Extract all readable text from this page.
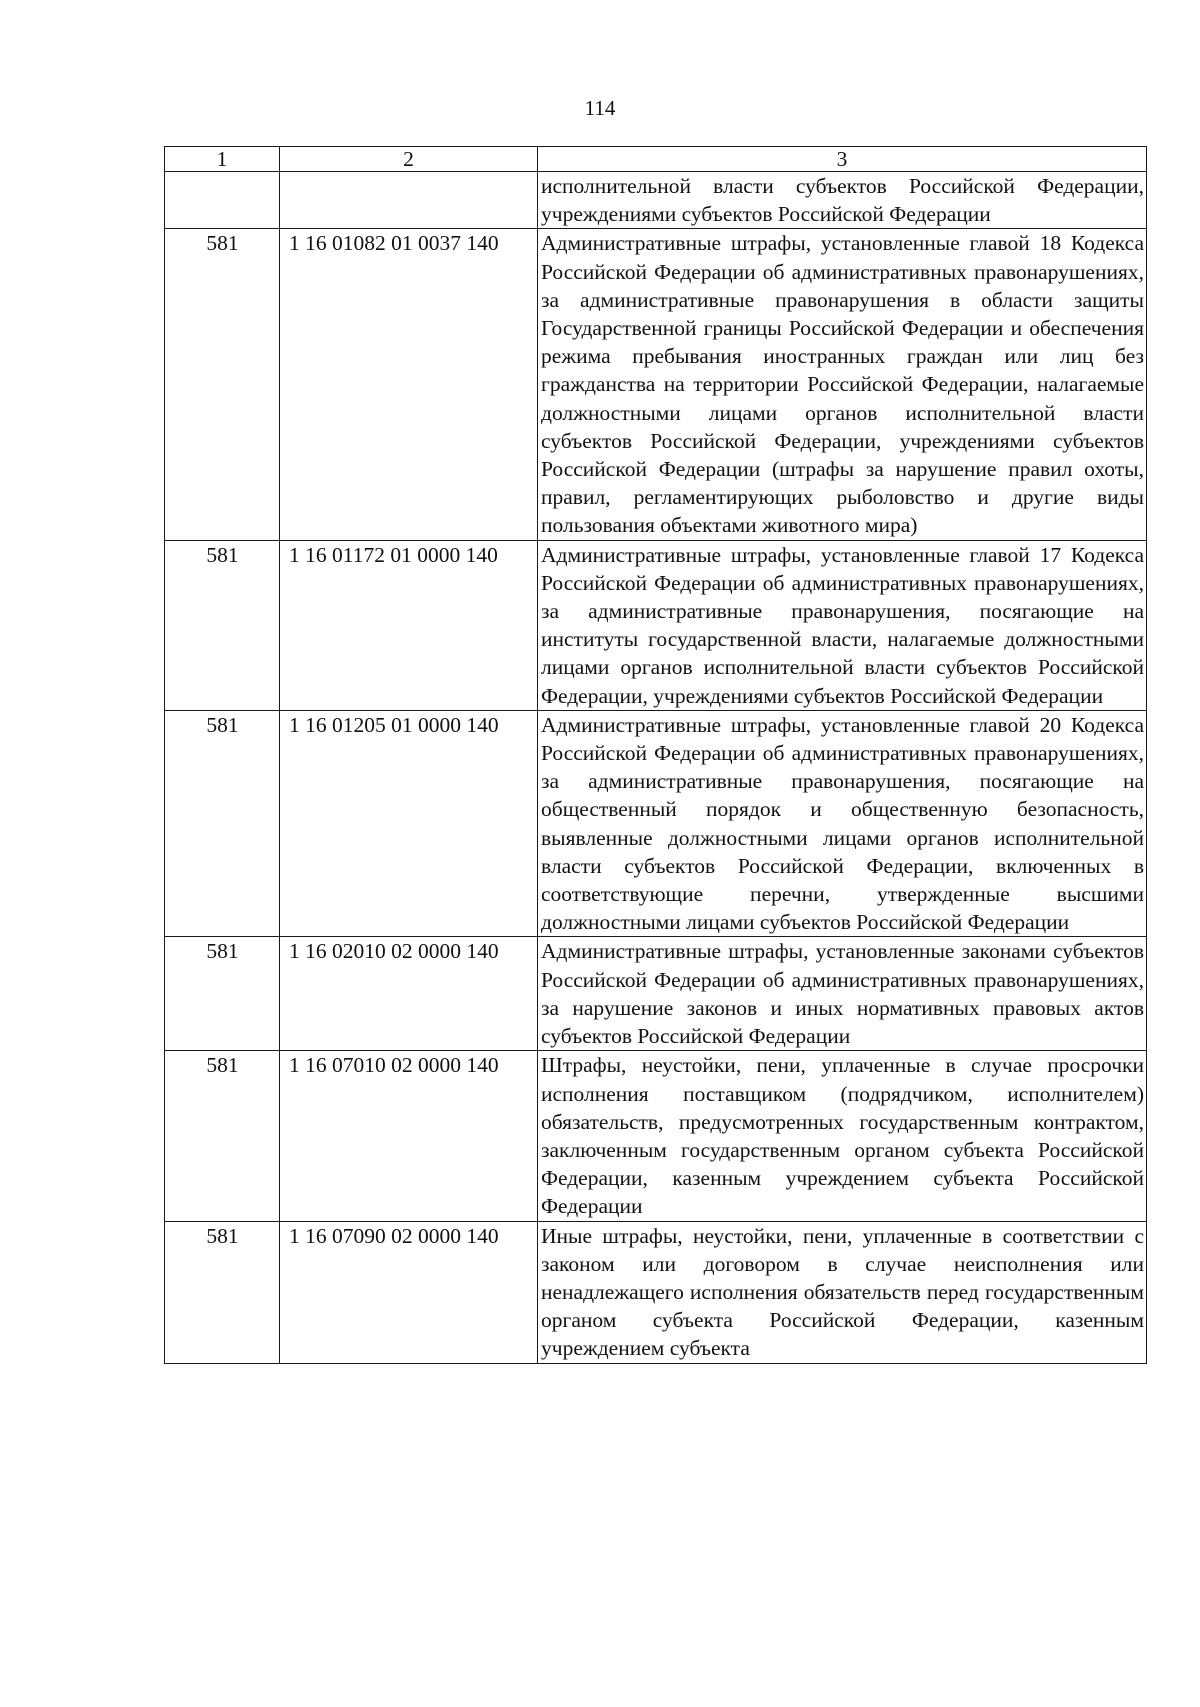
114
1	2	3
		исполнительной власти субъектов Российской Федерации, учреждениями субъектов Российской Федерации
581	1 16 01082 01 0037 140	Административные штрафы, установленные главой 18 Кодекса Российской Федерации об административных правонарушениях, за административные правонарушения в области защиты Государственной границы Российской Федерации и обеспечения режима пребывания иностранных граждан или лиц без гражданства на территории Российской Федерации, налагаемые должностными лицами органов исполнительной власти субъектов Российской Федерации, учреждениями субъектов Российской Федерации (штрафы за нарушение правил охоты, правил, регламентирующих рыболовство и другие виды пользования объектами животного мира)
581	1 16 01172 01 0000 140	Административные штрафы, установленные главой 17 Кодекса Российской Федерации об административных правонарушениях, за административные правонарушения, посягающие на институты государственной власти, налагаемые должностными лицами органов исполнительной власти субъектов Российской Федерации, учреждениями субъектов Российской Федерации
581	1 16 01205 01 0000 140	Административные штрафы, установленные главой 20 Кодекса Российской Федерации об административных правонарушениях, за административные правонарушения, посягающие на общественный порядок и общественную безопасность, выявленные должностными лицами органов исполнительной власти субъектов Российской Федерации, включенных в соответствующие перечни, утвержденные высшими должностными лицами субъектов Российской Федерации
581	1 16 02010 02 0000 140	Административные штрафы, установленные законами субъектов Российской Федерации об административных правонарушениях, за нарушение законов и иных нормативных правовых актов субъектов Российской Федерации
581	1 16 07010 02 0000 140	Штрафы, неустойки, пени, уплаченные в случае просрочки исполнения поставщиком (подрядчиком, исполнителем) обязательств, предусмотренных государственным контрактом, заключенным государственным органом субъекта Российской Федерации, казенным учреждением субъекта Российской Федерации
581	1 16 07090 02 0000 140	Иные штрафы, неустойки, пени, уплаченные в соответствии с законом или договором в случае неисполнения или ненадлежащего исполнения обязательств перед государственным органом субъекта Российской Федерации, казенным учреждением субъекта
